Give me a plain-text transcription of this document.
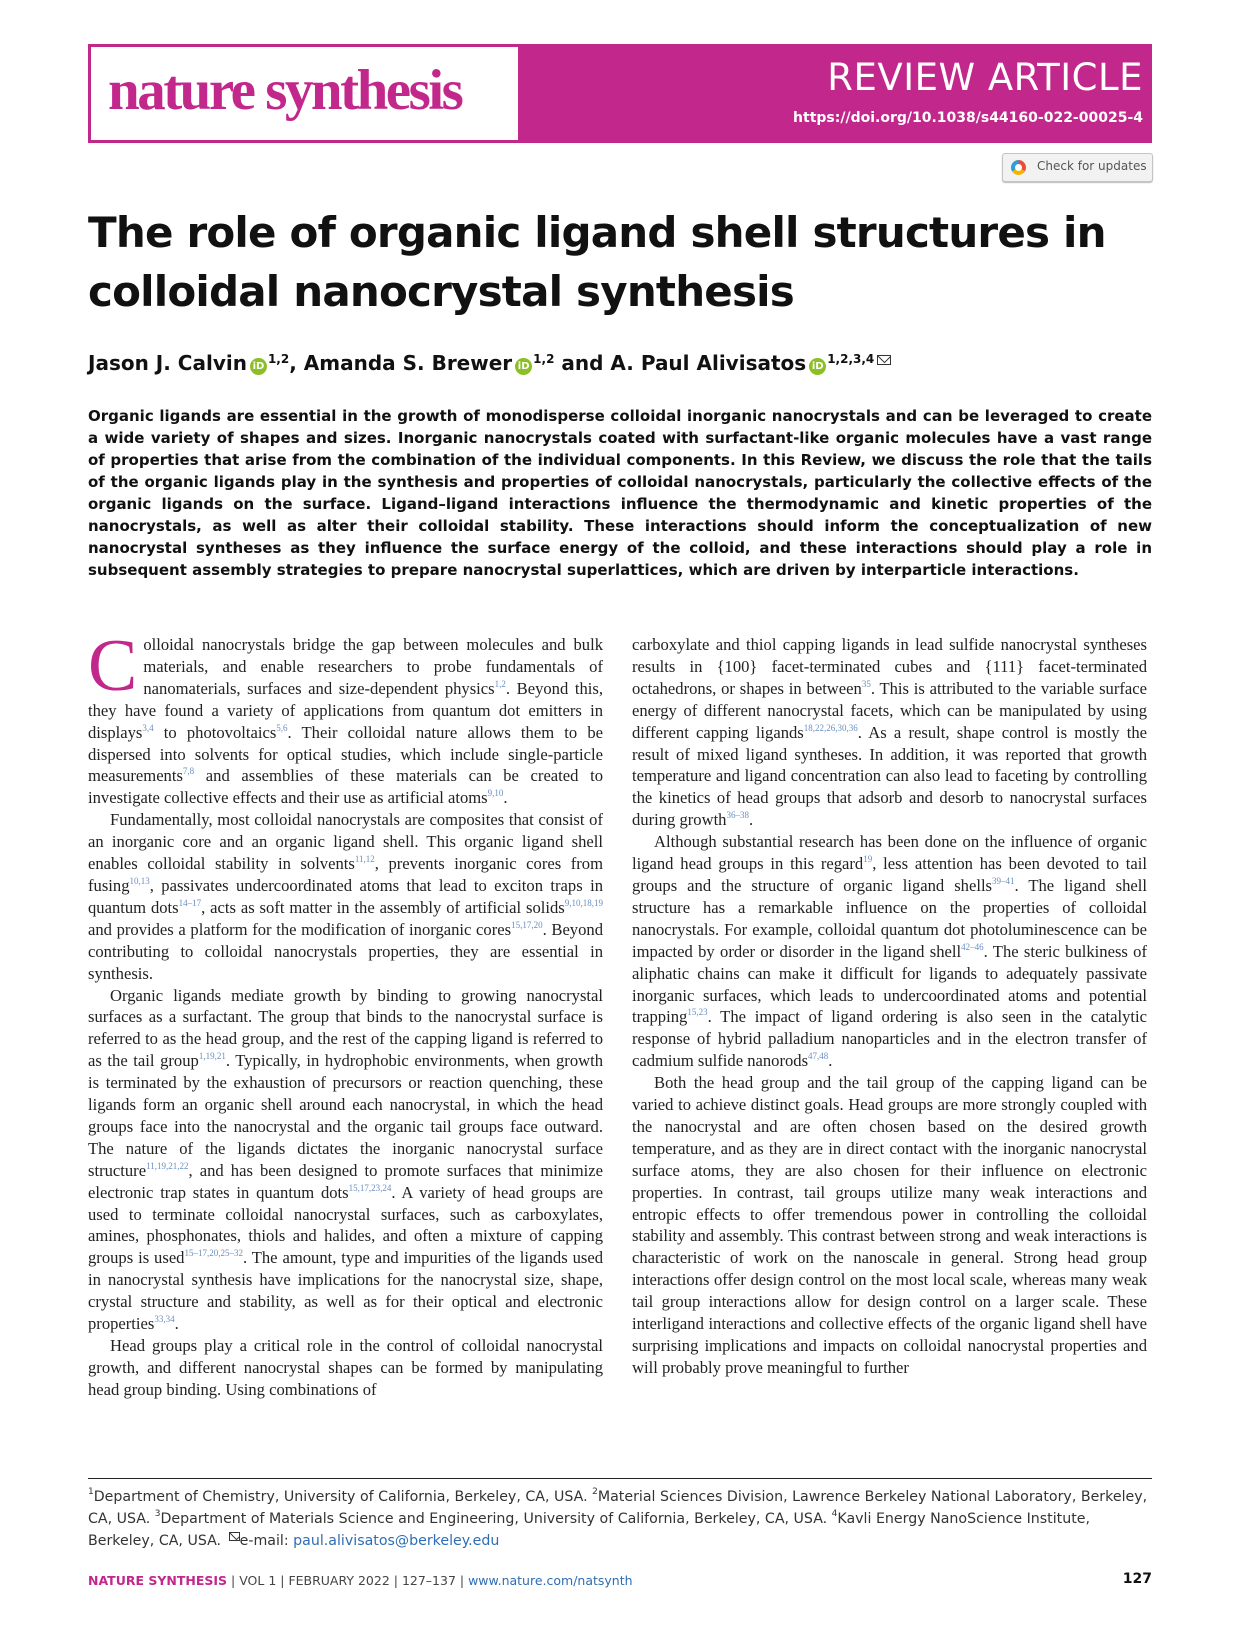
nature synthesis	REVIEW ARTICLE
https://doi.org/10.1038/s44160-022-00025-4
Check for updates
The role of organic ligand shell structures in colloidal nanocrystal synthesis
Jason J. Calvin iD$^{1,2}$, Amanda S. Brewer iD$^{1,2}$ and A. Paul Alivisatos iD$^{1,2,3,4}$

Organic ligands are essential in the growth of monodisperse colloidal inorganic nanocrystals and can be leveraged to create a wide variety of shapes and sizes. Inorganic nanocrystals coated with surfactant-like organic molecules have a vast range of properties that arise from the combination of the individual components. In this Review, we discuss the role that the tails of the organic ligands play in the synthesis and properties of colloidal nanocrystals, particularly the collective effects of the organic ligands on the surface. Ligand–ligand interactions influence the thermodynamic and kinetic properties of the nanocrystals, as well as alter their colloidal stability. These interactions should inform the conceptualization of new nanocrystal syntheses as they influence the surface energy of the colloid, and these interactions should play a role in subsequent assembly strategies to prepare nanocrystal superlattices, which are driven by interparticle interactions.

Colloidal nanocrystals bridge the gap between molecules and bulk materials, and enable researchers to probe fundamentals of nanomaterials, surfaces and size-dependent physics$^{1,2}$. Beyond this, they have found a variety of applications from quantum dot emitters in displays$^{3,4}$ to photovoltaics$^{5,6}$. Their colloidal nature allows them to be dispersed into solvents for optical studies, which include single-particle measurements$^{7,8}$ and assemblies of these materials can be created to investigate collective effects and their use as artificial atoms$^{9,10}$.

Fundamentally, most colloidal nanocrystals are composites that consist of an inorganic core and an organic ligand shell. This organic ligand shell enables colloidal stability in solvents$^{11,12}$, prevents inorganic cores from fusing$^{10,13}$, passivates undercoordinated atoms that lead to exciton traps in quantum dots$^{14-17}$, acts as soft matter in the assembly of artificial solids$^{9,10,18,19}$ and provides a platform for the modification of inorganic cores$^{15,17,20}$. Beyond contributing to colloidal nanocrystals properties, they are essential in synthesis.

Organic ligands mediate growth by binding to growing nanocrystal surfaces as a surfactant. The group that binds to the nanocrystal surface is referred to as the head group, and the rest of the capping ligand is referred to as the tail group$^{1,19,21}$. Typically, in hydrophobic environments, when growth is terminated by the exhaustion of precursors or reaction quenching, these ligands form an organic shell around each nanocrystal, in which the head groups face into the nanocrystal and the organic tail groups face outward. The nature of the ligands dictates the inorganic nanocrystal surface structure$^{11,19,21,22}$, and has been designed to promote surfaces that minimize electronic trap states in quantum dots$^{15,17,23,24}$. A variety of head groups are used to terminate colloidal nanocrystal surfaces, such as carboxylates, amines, phosphonates, thiols and halides, and often a mixture of capping groups is used$^{15-17,20,25-32}$. The amount, type and impurities of the ligands used in nanocrystal synthesis have implications for the nanocrystal size, shape, crystal structure and stability, as well as for their optical and electronic properties$^{33,34}$.

Head groups play a critical role in the control of colloidal nanocrystal growth, and different nanocrystal shapes can be formed by manipulating head group binding. Using combinations of

carboxylate and thiol capping ligands in lead sulfide nanocrystal syntheses results in {100} facet-terminated cubes and {111} facet-terminated octahedrons, or shapes in between$^{35}$. This is attributed to the variable surface energy of different nanocrystal facets, which can be manipulated by using different capping ligands$^{18,22,26,30,36}$. As a result, shape control is mostly the result of mixed ligand syntheses. In addition, it was reported that growth temperature and ligand concentration can also lead to faceting by controlling the kinetics of head groups that adsorb and desorb to nanocrystal surfaces during growth$^{36-38}$.

Although substantial research has been done on the influence of organic ligand head groups in this regard$^{19}$, less attention has been devoted to tail groups and the structure of organic ligand shells$^{39-41}$. The ligand shell structure has a remarkable influence on the properties of colloidal nanocrystals. For example, colloidal quantum dot photoluminescence can be impacted by order or disorder in the ligand shell$^{42-46}$. The steric bulkiness of aliphatic chains can make it difficult for ligands to adequately passivate inorganic surfaces, which leads to undercoordinated atoms and potential trapping$^{15,23}$. The impact of ligand ordering is also seen in the catalytic response of hybrid palladium nanoparticles and in the electron transfer of cadmium sulfide nanorods$^{47,48}$.

Both the head group and the tail group of the capping ligand can be varied to achieve distinct goals. Head groups are more strongly coupled with the nanocrystal and are often chosen based on the desired growth temperature, and as they are in direct contact with the inorganic nanocrystal surface atoms, they are also chosen for their influence on electronic properties. In contrast, tail groups utilize many weak interactions and entropic effects to offer tremendous power in controlling the colloidal stability and assembly. This contrast between strong and weak interactions is characteristic of work on the nanoscale in general. Strong head group interactions offer design control on the most local scale, whereas many weak tail group interactions allow for design control on a larger scale. These interligand interactions and collective effects of the organic ligand shell have surprising implications and impacts on colloidal nanocrystal properties and will probably prove meaningful to further

$^1$Department of Chemistry, University of California, Berkeley, CA, USA. $^2$Material Sciences Division, Lawrence Berkeley National Laboratory, Berkeley, CA, USA. $^3$Department of Materials Science and Engineering, University of California, Berkeley, CA, USA. $^4$Kavli Energy NanoScience Institute, Berkeley, CA, USA. e-mail: paul.alivisatos@berkeley.edu

NATURE SYNTHESIS | VOL 1 | FEBRUARY 2022 | 127–137 | www.nature.com/natsynth	127
